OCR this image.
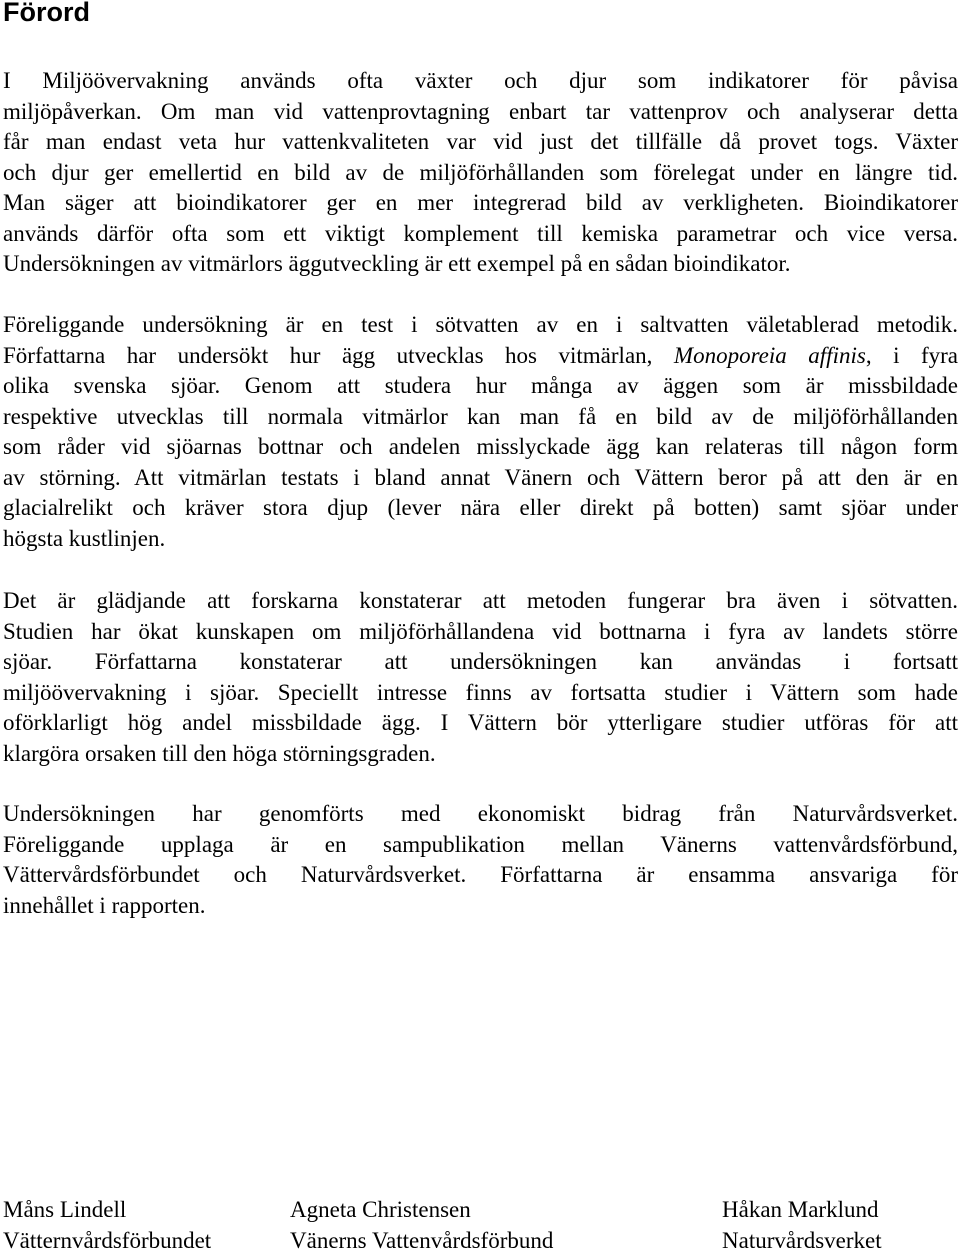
Förord
I Miljöövervakning används ofta växter och djur som indikatorer för påvisa
miljöpåverkan. Om man vid vattenprovtagning enbart tar vattenprov och analyserar detta
får man endast veta hur vattenkvaliteten var vid just det tillfälle då provet togs. Växter
och djur ger emellertid en bild av de miljöförhållanden som förelegat under en längre tid.
Man säger att bioindikatorer ger en mer integrerad bild av verkligheten. Bioindikatorer
används därför ofta som ett viktigt komplement till kemiska parametrar och vice versa.
Undersökningen av vitmärlors äggutveckling är ett exempel på en sådan bioindikator.
Föreliggande undersökning är en test i sötvatten av en i saltvatten väletablerad metodik.
Författarna har undersökt hur ägg utvecklas hos vitmärlan, Monoporeia affinis, i fyra
olika svenska sjöar. Genom att studera hur många av äggen som är missbildade
respektive utvecklas till normala vitmärlor kan man få en bild av de miljöförhållanden
som råder vid sjöarnas bottnar och andelen misslyckade ägg kan relateras till någon form
av störning. Att vitmärlan testats i bland annat Vänern och Vättern beror på att den är en
glacialrelikt och kräver stora djup (lever nära eller direkt på botten) samt sjöar under
högsta kustlinjen.
Det är glädjande att forskarna konstaterar att metoden fungerar bra även i sötvatten.
Studien har ökat kunskapen om miljöförhållandena vid bottnarna i fyra av landets större
sjöar. Författarna konstaterar att undersökningen kan användas i fortsatt
miljöövervakning i sjöar. Speciellt intresse finns av fortsatta studier i Vättern som hade
oförklarligt hög andel missbildade ägg. I Vättern bör ytterligare studier utföras för att
klargöra orsaken till den höga störningsgraden.
Undersökningen har genomförts med ekonomiskt bidrag från Naturvårdsverket.
Föreliggande upplaga är en sampublikation mellan Vänerns vattenvårdsförbund,
Vättervårdsförbundet och Naturvårdsverket. Författarna är ensamma ansvariga för
innehållet i rapporten.
Måns Lindell
Vätternvårdsförbundet
Agneta Christensen
Vänerns Vattenvårdsförbund
Håkan Marklund
Naturvårdsverket
